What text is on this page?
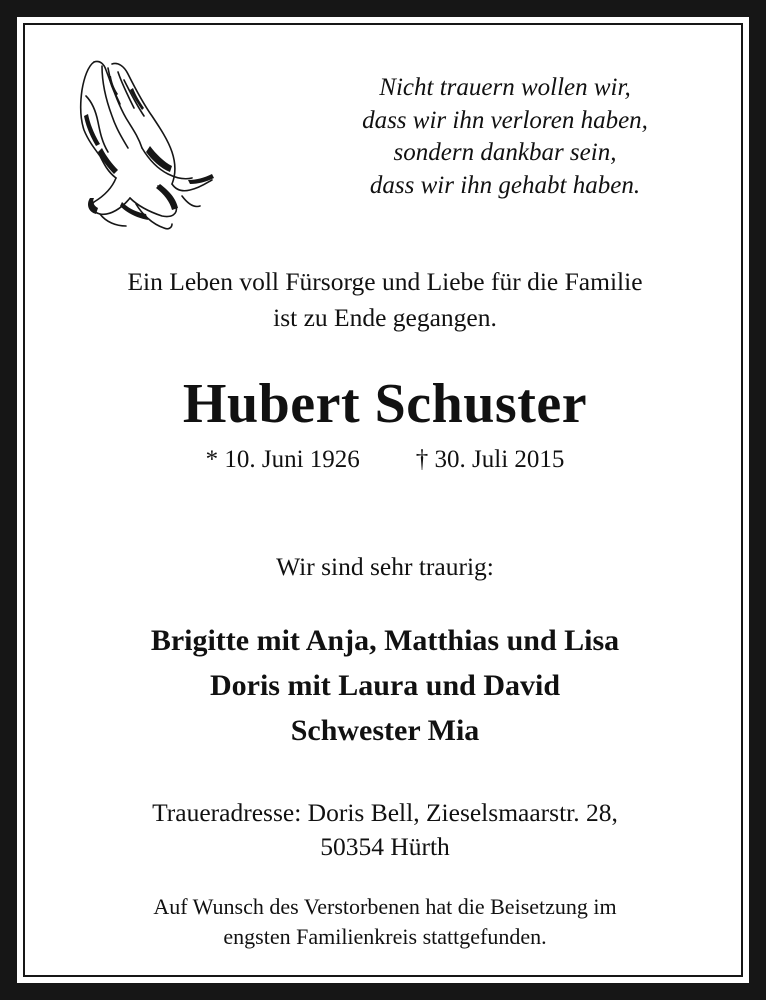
Nicht trauern wollen wir,
dass wir ihn verloren haben,
sondern dankbar sein,
dass wir ihn gehabt haben.
Ein Leben voll Fürsorge und Liebe für die Familie
ist zu Ende gegangen.
Hubert Schuster
* 10. Juni 1926 † 30. Juli 2015
Wir sind sehr traurig:
Brigitte mit Anja, Matthias und Lisa
Doris mit Laura und David
Schwester Mia
Traueradresse: Doris Bell, Zieselsmaarstr. 28,
50354 Hürth
Auf Wunsch des Verstorbenen hat die Beisetzung im
engsten Familienkreis stattgefunden.
